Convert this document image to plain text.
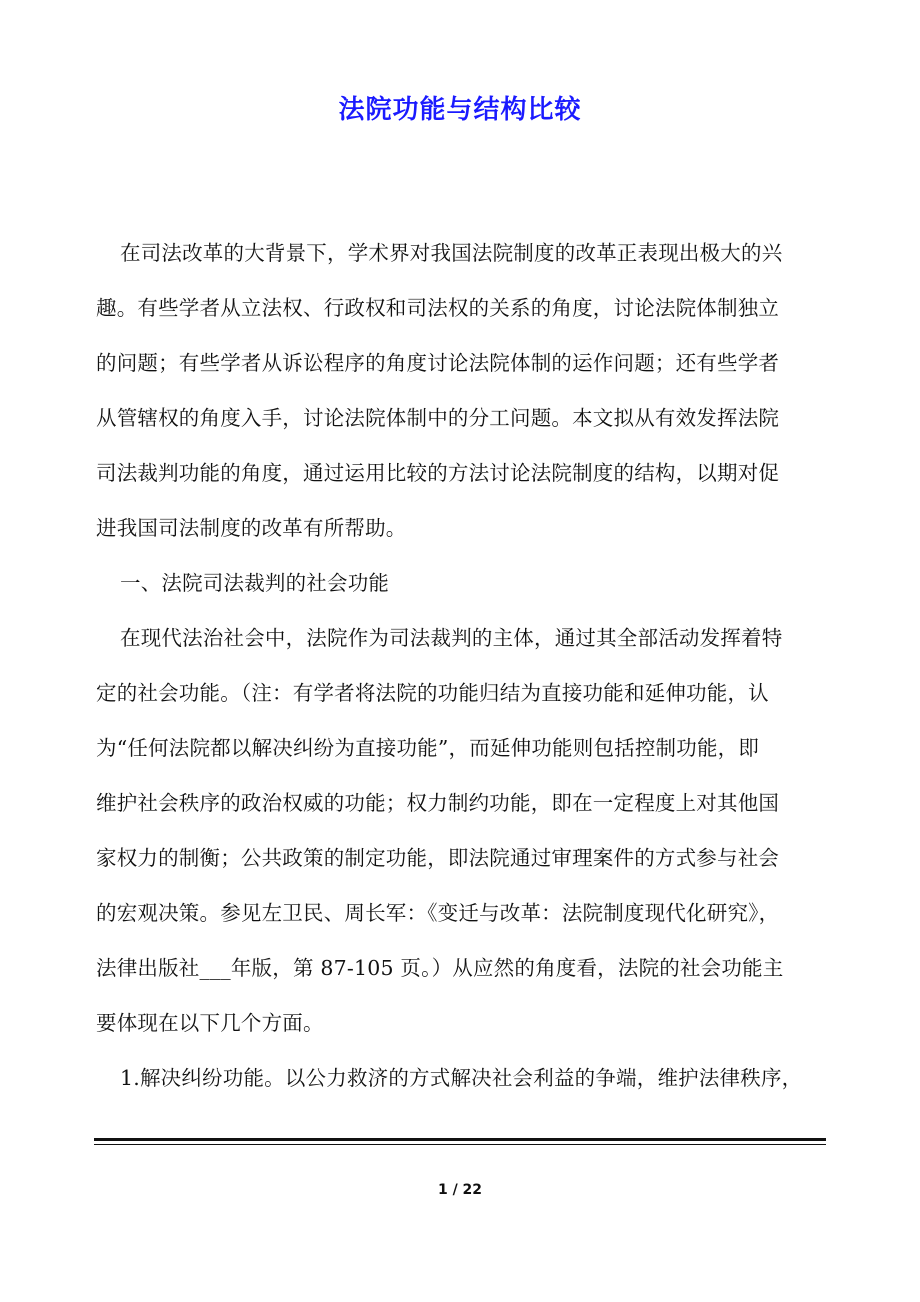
法院功能与结构比较
在司法改革的大背景下，学术界对我国法院制度的改革正表现出极大的兴
趣。有些学者从立法权、行政权和司法权的关系的角度，讨论法院体制独立
的问题；有些学者从诉讼程序的角度讨论法院体制的运作问题；还有些学者
从管辖权的角度入手，讨论法院体制中的分工问题。本文拟从有效发挥法院
司法裁判功能的角度，通过运用比较的方法讨论法院制度的结构，以期对促
进我国司法制度的改革有所帮助。
一、法院司法裁判的社会功能
在现代法治社会中，法院作为司法裁判的主体，通过其全部活动发挥着特
定的社会功能。（注：有学者将法院的功能归结为直接功能和延伸功能，认
为“任何法院都以解决纠纷为直接功能”，而延伸功能则包括控制功能，即
维护社会秩序的政治权威的功能；权力制约功能，即在一定程度上对其他国
家权力的制衡；公共政策的制定功能，即法院通过审理案件的方式参与社会
的宏观决策。参见左卫民、周长军：《变迁与改革：法院制度现代化研究》，
法律出版社___年版，第 87-105 页。）从应然的角度看，法院的社会功能主
要体现在以下几个方面。
1.解决纠纷功能。以公力救济的方式解决社会利益的争端，维护法律秩序，
1 / 22
